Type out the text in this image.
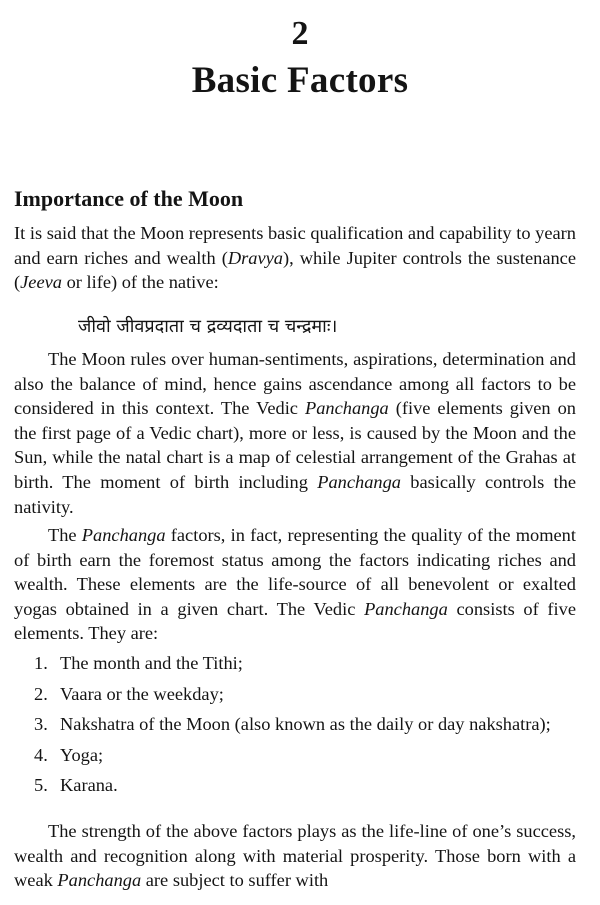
2
Basic Factors
Importance of the Moon

It is said that the Moon represents basic qualification and capability to yearn and earn riches and wealth (Dravya), while Jupiter controls the sustenance (Jeeva or life) of the native:

जीवो जीवप्रदाता च द्रव्यदाता च चन्द्रमाः।

The Moon rules over human-sentiments, aspirations, determination and also the balance of mind, hence gains ascendance among all factors to be considered in this context. The Vedic Panchanga (five elements given on the first page of a Vedic chart), more or less, is caused by the Moon and the Sun, while the natal chart is a map of celestial arrangement of the Grahas at birth. The moment of birth including Panchanga basically controls the nativity.

The Panchanga factors, in fact, representing the quality of the moment of birth earn the foremost status among the factors indicating riches and wealth. These elements are the life-source of all benevolent or exalted yogas obtained in a given chart. The Vedic Panchanga consists of five elements. They are:

1. The month and the Tithi;
2. Vaara or the weekday;
3. Nakshatra of the Moon (also known as the daily or day nakshatra);
4. Yoga;
5. Karana.

The strength of the above factors plays as the life-line of one’s success, wealth and recognition along with material prosperity. Those born with a weak Panchanga are subject to suffer with
